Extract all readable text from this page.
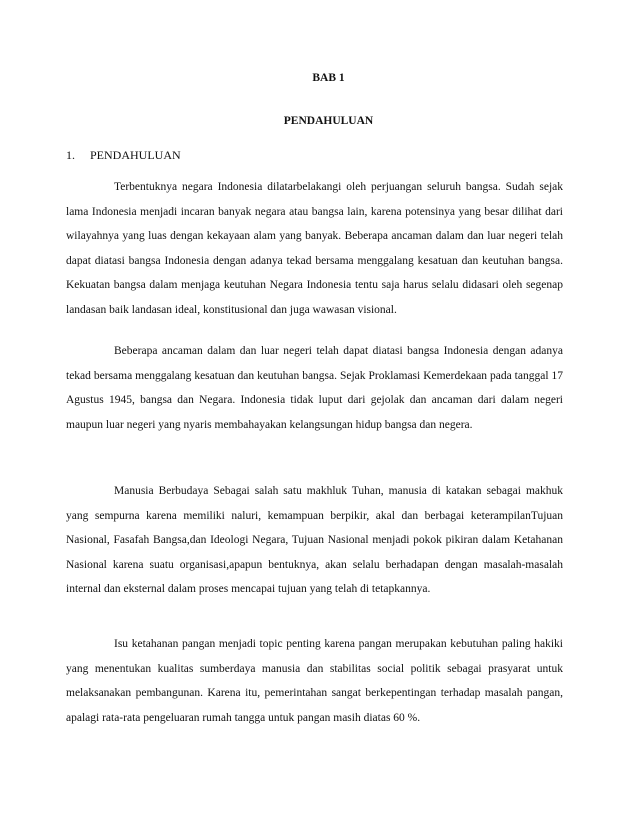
BAB 1
PENDAHULUAN
1. PENDAHULUAN

Terbentuknya negara Indonesia dilatarbelakangi oleh perjuangan seluruh bangsa. Sudah sejak lama Indonesia menjadi incaran banyak negara atau bangsa lain, karena potensinya yang besar dilihat dari wilayahnya yang luas dengan kekayaan alam yang banyak. Beberapa ancaman dalam dan luar negeri telah dapat diatasi bangsa Indonesia dengan adanya tekad bersama menggalang kesatuan dan keutuhan bangsa. Kekuatan bangsa dalam menjaga keutuhan Negara Indonesia tentu saja harus selalu didasari oleh segenap landasan baik landasan ideal, konstitusional dan juga wawasan visional.

Beberapa ancaman dalam dan luar negeri telah dapat diatasi bangsa Indonesia dengan adanya tekad bersama menggalang kesatuan dan keutuhan bangsa. Sejak Proklamasi Kemerdekaan pada tanggal 17 Agustus 1945, bangsa dan Negara. Indonesia tidak luput dari gejolak dan ancaman dari dalam negeri maupun luar negeri yang nyaris membahayakan kelangsungan hidup bangsa dan negera.

Manusia Berbudaya Sebagai salah satu makhluk Tuhan, manusia di katakan sebagai makhuk yang sempurna karena memiliki naluri, kemampuan berpikir, akal dan berbagai keterampilanTujuan Nasional, Fasafah Bangsa,dan Ideologi Negara, Tujuan Nasional menjadi pokok pikiran dalam Ketahanan Nasional karena suatu organisasi,apapun bentuknya, akan selalu berhadapan dengan masalah-masalah internal dan eksternal dalam proses mencapai tujuan yang telah di tetapkannya.

Isu ketahanan pangan menjadi topic penting karena pangan merupakan kebutuhan paling hakiki yang menentukan kualitas sumberdaya manusia dan stabilitas social politik sebagai prasyarat untuk melaksanakan pembangunan. Karena itu, pemerintahan sangat berkepentingan terhadap masalah pangan, apalagi rata-rata pengeluaran rumah tangga untuk pangan masih diatas 60 %.
